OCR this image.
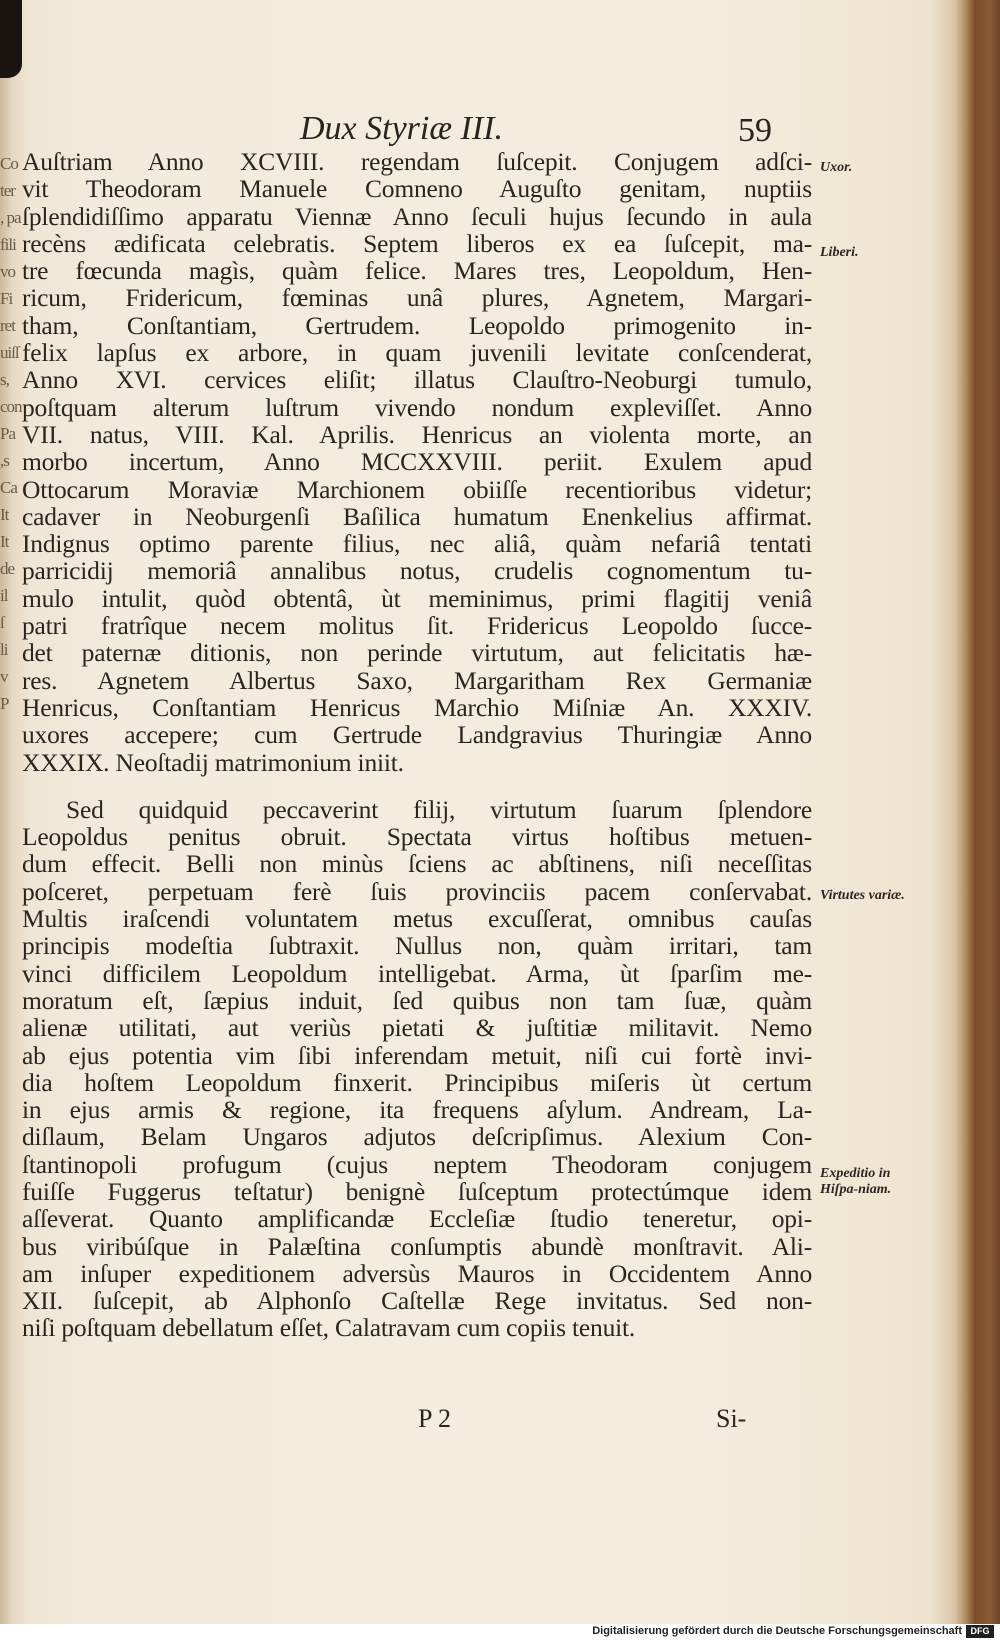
Co
ter
, pa
fili
vo
Fi
ret
uiſſ
s,
con
Pa
,s
Ca
It
It
de
il
ſ
li
v
P
Dux Styriæ III.	59
Auſtriam Anno XCVIII. regendam ſuſcepit. Conjugem adſci-
vit Theodoram Manuele Comneno Auguſto genitam, nuptiis
ſplendidiſſimo apparatu Viennæ Anno ſeculi hujus ſecundo in aula
recèns ædificata celebratis. Septem liberos ex ea ſuſcepit, ma-
tre fœcunda magìs, quàm felice. Mares tres, Leopoldum, Hen-
ricum, Fridericum, fœminas unâ plures, Agnetem, Margari-
tham, Conſtantiam, Gertrudem. Leopoldo primogenito in-
felix lapſus ex arbore, in quam juvenili levitate conſcenderat,
Anno XVI. cervices eliſit; illatus Clauſtro-Neoburgi tumulo,
poſtquam alterum luſtrum vivendo nondum expleviſſet. Anno
VII. natus, VIII. Kal. Aprilis. Henricus an violenta morte, an
morbo incertum, Anno MCCXXVIII. periit. Exulem apud
Ottocarum Moraviæ Marchionem obiiſſe recentioribus videtur;
cadaver in Neoburgenſi Baſilica humatum Enenkelius affirmat.
Indignus optimo parente filius, nec aliâ, quàm nefariâ tentati
parricidij memoriâ annalibus notus, crudelis cognomentum tu-
mulo intulit, quòd obtentâ, ùt meminimus, primi flagitij veniâ
patri fratrîque necem molitus ſit. Fridericus Leopoldo ſucce-
det paternæ ditionis, non perinde virtutum, aut felicitatis hæ-
res. Agnetem Albertus Saxo, Margaritham Rex Germaniæ
Henricus, Conſtantiam Henricus Marchio Miſniæ An. XXXIV.
uxores accepere; cum Gertrude Landgravius Thuringiæ Anno
XXXIX. Neoſtadij matrimonium iniit.
Sed quidquid peccaverint filij, virtutum ſuarum ſplendore
Leopoldus penitus obruit. Spectata virtus hoſtibus metuen-
dum effecit. Belli non minùs ſciens ac abſtinens, niſi neceſſitas
poſceret, perpetuam ferè ſuis provinciis pacem conſervabat.
Multis iraſcendi voluntatem metus excuſſerat, omnibus cauſas
principis modeſtia ſubtraxit. Nullus non, quàm irritari, tam
vinci difficilem Leopoldum intelligebat. Arma, ùt ſparſim me-
moratum eſt, ſæpius induit, ſed quibus non tam ſuæ, quàm
alienæ utilitati, aut veriùs pietati & juſtitiæ militavit. Nemo
ab ejus potentia vim ſibi inferendam metuit, niſi cui fortè invi-
dia hoſtem Leopoldum finxerit. Principibus miſeris ùt certum
in ejus armis & regione, ita frequens aſylum. Andream, La-
diſlaum, Belam Ungaros adjutos deſcripſimus. Alexium Con-
ſtantinopoli profugum (cujus neptem Theodoram conjugem
fuiſſe Fuggerus teſtatur) benignè ſuſceptum protectúmque idem
aſſeverat. Quanto amplificandæ Eccleſiæ ſtudio teneretur, opi-
bus viribúſque in Palæſtina conſumptis abundè monſtravit. Ali-
am inſuper expeditionem adversùs Mauros in Occidentem Anno
XII. ſuſcepit, ab Alphonſo Caſtellæ Rege invitatus. Sed non-
niſi poſtquam debellatum eſſet, Calatravam cum copiis tenuit.
Uxor.
Liberi.
Virtutes variæ.
Expeditio in Hiſpa-niam.
P 2	Si-
Digitalisierung gefördert durch die Deutsche Forschungsgemeinschaft DFG
